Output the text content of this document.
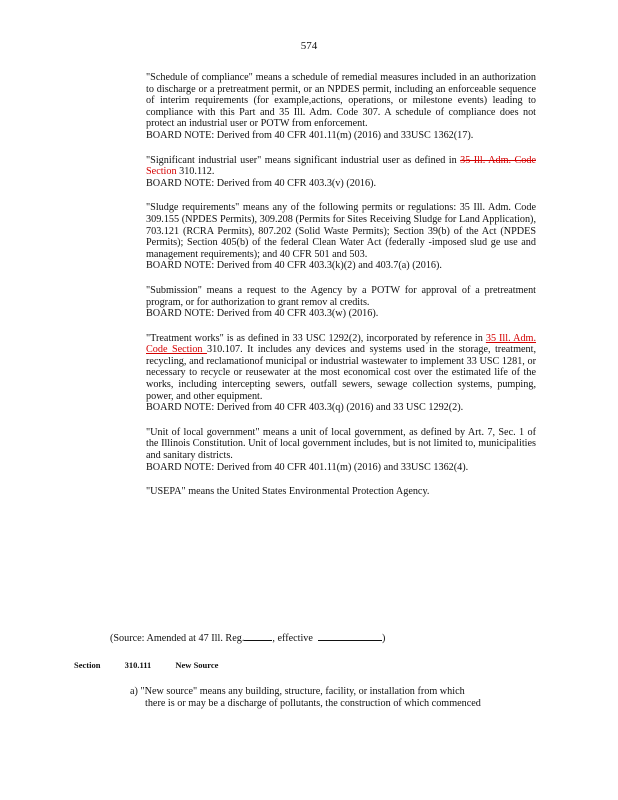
574

"Schedule of compliance" means a schedule of remedial measures included in an authorization to discharge or a pretreatment permit, or an NPDES permit, including an enforceable sequence of interim requirements (for example,actions, operations, or milestone events) leading to compliance with this Part and 35 Ill. Adm. Code 307. A schedule of compliance does not protect an industrial user or POTW from enforcement.

BOARD NOTE: Derived from 40 CFR 401.11(m) (2016) and 33USC 1362(17).

"Significant industrial user" means significant industrial user as defined in 35 Ill. Adm. Code Section 310.112.

BOARD NOTE: Derived from 40 CFR 403.3(v) (2016).

"Sludge requirements" means any of the following permits or regulations: 35 Ill. Adm. Code 309.155 (NPDES Permits), 309.208 (Permits for Sites Receiving Sludge for Land Application), 703.121 (RCRA Permits), 807.202 (Solid Waste Permits); Section 39(b) of the Act (NPDES Permits); Section 405(b) of the federal Clean Water Act (federally -imposed slud ge use and management requirements); and 40 CFR 501 and 503.

BOARD NOTE: Derived from 40 CFR 403.3(k)(2) and 403.7(a) (2016).

"Submission" means a request to the Agency by a POTW for approval of a pretreatment program, or for authorization to grant remov al credits.

BOARD NOTE: Derived from 40 CFR 403.3(w) (2016).

"Treatment works" is as defined in 33 USC 1292(2), incorporated by reference in 35 Ill. Adm. Code Section 310.107. It includes any devices and systems used in the storage, treatment, recycling, and reclamationof municipal or industrial wastewater to implement 33 USC 1281, or necessary to recycle or reusewater at the most economical cost over the estimated life of the works, including intercepting sewers, outfall sewers, sewage collection systems, pumping, power, and other equipment.

BOARD NOTE: Derived from 40 CFR 403.3(q) (2016) and 33 USC 1292(2).

"Unit of local government" means a unit of local government, as defined by Art. 7, Sec. 1 of the Illinois Constitution. Unit of local government includes, but is not limited to, municipalities and sanitary districts.

BOARD NOTE: Derived from 40 CFR 401.11(m) (2016) and 33USC 1362(4).

"USEPA" means the United States Environmental Protection Agency.

(Source: Amended at 47 Ill. Reg.	, effective	)
Section	310.111	New Source

a) "New source" means any building, structure, facility, or installation from which

there is or may be a discharge of pollutants, the construction of which commenced
